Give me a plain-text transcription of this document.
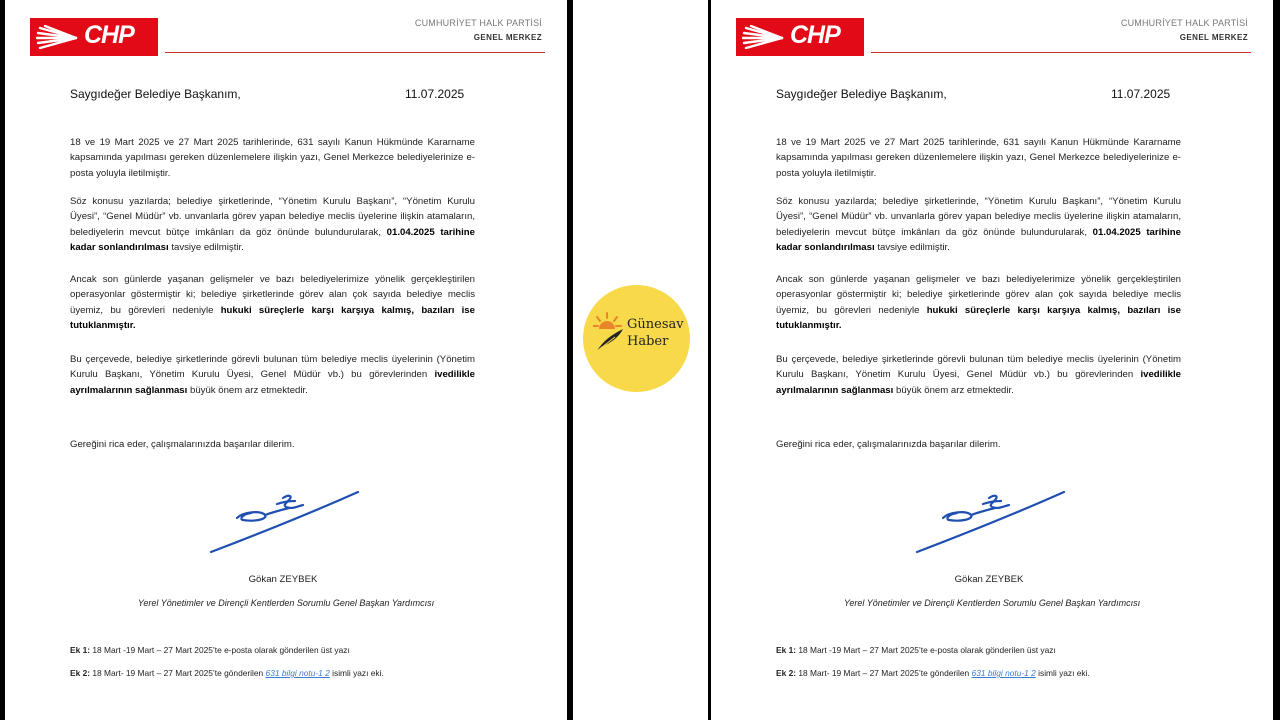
CHP	CUMHURİYET HALK PARTİSİ
GENEL MERKEZ
Saygıdeğer Belediye Başkanım,	11.07.2025

18 ve 19 Mart 2025 ve 27 Mart 2025 tarihlerinde, 631 sayılı Kanun Hükmünde Kararname kapsamında yapılması gereken düzenlemelere ilişkin yazı, Genel Merkezce belediyelerinize e-posta yoluyla iletilmiştir.

Söz konusu yazılarda; belediye şirketlerinde, “Yönetim Kurulu Başkanı”, “Yönetim Kurulu Üyesi”, “Genel Müdür” vb. unvanlarla görev yapan belediye meclis üyelerine ilişkin atamaların, belediyelerin mevcut bütçe imkânları da göz önünde bulundurularak, 01.04.2025 tarihine kadar sonlandırılması tavsiye edilmiştir.

Ancak son günlerde yaşanan gelişmeler ve bazı belediyelerimize yönelik gerçekleştirilen operasyonlar göstermiştir ki; belediye şirketlerinde görev alan çok sayıda belediye meclis üyemiz, bu görevleri nedeniyle hukuki süreçlerle karşı karşıya kalmış, bazıları ise tutuklanmıştır.

Bu çerçevede, belediye şirketlerinde görevli bulunan tüm belediye meclis üyelerinin (Yönetim Kurulu Başkanı, Yönetim Kurulu Üyesi, Genel Müdür vb.) bu görevlerinden ivedilikle ayrılmalarının sağlanması büyük önem arz etmektedir.

Gereğini rica eder, çalışmalarınızda başarılar dilerim.

Gökan ZEYBEK
Yerel Yönetimler ve Dirençli Kentlerden Sorumlu Genel Başkan Yardımcısı
Ek 1: 18 Mart -19 Mart – 27 Mart 2025’te e-posta olarak gönderilen üst yazı
Ek 2: 18 Mart- 19 Mart – 27 Mart 2025’te gönderilen 631 bilgi notu-1 2 isimli yazı eki.
CHP	CUMHURİYET HALK PARTİSİ
GENEL MERKEZ
Saygıdeğer Belediye Başkanım,	11.07.2025

18 ve 19 Mart 2025 ve 27 Mart 2025 tarihlerinde, 631 sayılı Kanun Hükmünde Kararname kapsamında yapılması gereken düzenlemelere ilişkin yazı, Genel Merkezce belediyelerinize e-posta yoluyla iletilmiştir.

Söz konusu yazılarda; belediye şirketlerinde, “Yönetim Kurulu Başkanı”, “Yönetim Kurulu Üyesi”, “Genel Müdür” vb. unvanlarla görev yapan belediye meclis üyelerine ilişkin atamaların, belediyelerin mevcut bütçe imkânları da göz önünde bulundurularak, 01.04.2025 tarihine kadar sonlandırılması tavsiye edilmiştir.

Ancak son günlerde yaşanan gelişmeler ve bazı belediyelerimize yönelik gerçekleştirilen operasyonlar göstermiştir ki; belediye şirketlerinde görev alan çok sayıda belediye meclis üyemiz, bu görevleri nedeniyle hukuki süreçlerle karşı karşıya kalmış, bazıları ise tutuklanmıştır.

Bu çerçevede, belediye şirketlerinde görevli bulunan tüm belediye meclis üyelerinin (Yönetim Kurulu Başkanı, Yönetim Kurulu Üyesi, Genel Müdür vb.) bu görevlerinden ivedilikle ayrılmalarının sağlanması büyük önem arz etmektedir.

Gereğini rica eder, çalışmalarınızda başarılar dilerim.

Gökan ZEYBEK
Yerel Yönetimler ve Dirençli Kentlerden Sorumlu Genel Başkan Yardımcısı
Ek 1: 18 Mart -19 Mart – 27 Mart 2025’te e-posta olarak gönderilen üst yazı
Ek 2: 18 Mart- 19 Mart – 27 Mart 2025’te gönderilen 631 bilgi notu-1 2 isimli yazı eki.
Günesav
Haber
